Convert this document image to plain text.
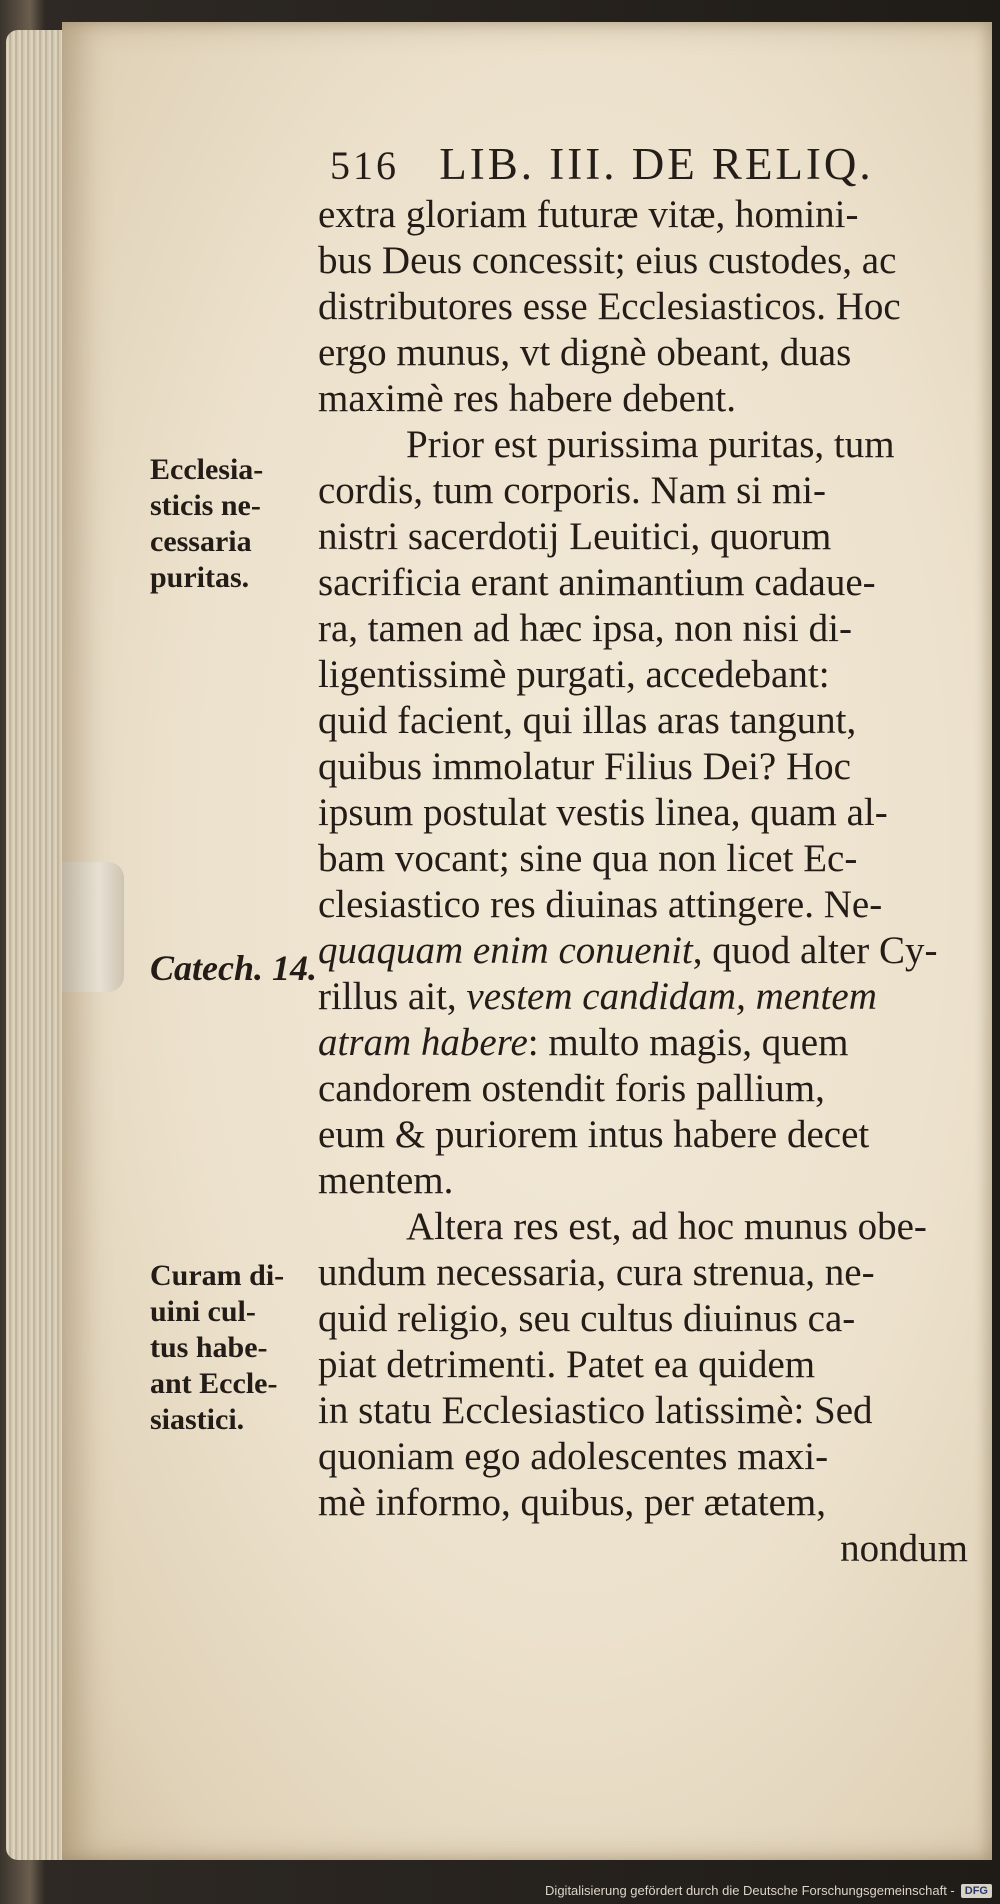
516 LIB. III. DE RELIQ.
Ecclesia-
sticis ne-
cessaria
puritas.
Catech. 14.
Curam di-
uini cul-
tus habe-
ant Eccle-
siastici.
extra gloriam futuræ vitæ, homini-
bus Deus concessit; eius custodes, ac
distributores esse Ecclesiasticos. Hoc
ergo munus, vt dignè obeant, duas
maximè res habere debent.
Prior est purissima puritas, tum
cordis, tum corporis. Nam si mi-
nistri sacerdotij Leuitici, quorum
sacrificia erant animantium cadaue-
ra, tamen ad hæc ipsa, non nisi di-
ligentissimè purgati, accedebant:
quid facient, qui illas aras tangunt,
quibus immolatur Filius Dei? Hoc
ipsum postulat vestis linea, quam al-
bam vocant; sine qua non licet Ec-
clesiastico res diuinas attingere. Ne-
quaquam enim conuenit, quod alter Cy-
rillus ait, vestem candidam, mentem
atram habere: multo magis, quem
candorem ostendit foris pallium,
eum & puriorem intus habere decet
mentem.
Altera res est, ad hoc munus obe-
undum necessaria, cura strenua, ne-
quid religio, seu cultus diuinus ca-
piat detrimenti. Patet ea quidem
in statu Ecclesiastico latissimè: Sed
quoniam ego adolescentes maxi-
mè informo, quibus, per ætatem,
nondum
Digitalisierung gefördert durch die Deutsche Forschungsgemeinschaft - DFG
